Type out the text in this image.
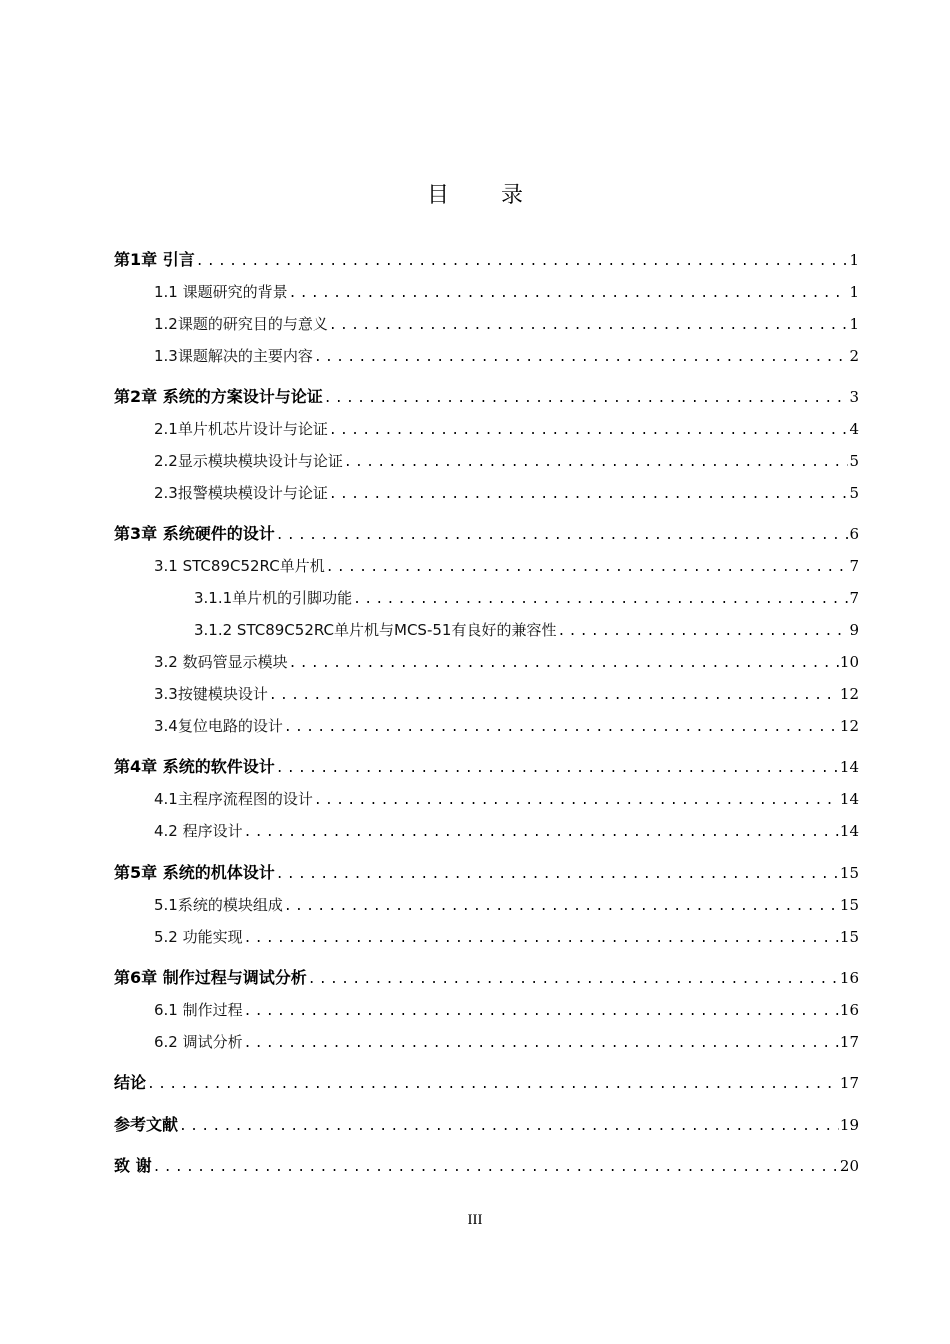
目 录
第1章 引言 .....	1
1.1 课题研究的背景 .....	1
1.2课题的研究目的与意义 .....	1
1.3课题解决的主要内容 .....	2
第2章 系统的方案设计与论证 .....	3
2.1单片机芯片设计与论证 .....	4
2.2显示模块模块设计与论证 .....	5
2.3报警模块模设计与论证 .....	5
第3章 系统硬件的设计 .....	6
3.1 STC89C52RC单片机 .....	7
3.1.1单片机的引脚功能 .....	7
3.1.2 STC89C52RC单片机与MCS-51有良好的兼容性 .....	9
3.2 数码管显示模块 .....	10
3.3按键模块设计 .....	12
3.4复位电路的设计 .....	12
第4章 系统的软件设计 .....	14
4.1主程序流程图的设计 .....	14
4.2 程序设计 .....	14
第5章 系统的机体设计 .....	15
5.1系统的模块组成 .....	15
5.2 功能实现 .....	15
第6章 制作过程与调试分析 .....	16
6.1 制作过程 .....	16
6.2 调试分析 .....	17
结论 .....	17
参考文献 .....	19
致 谢 .....	20
III
